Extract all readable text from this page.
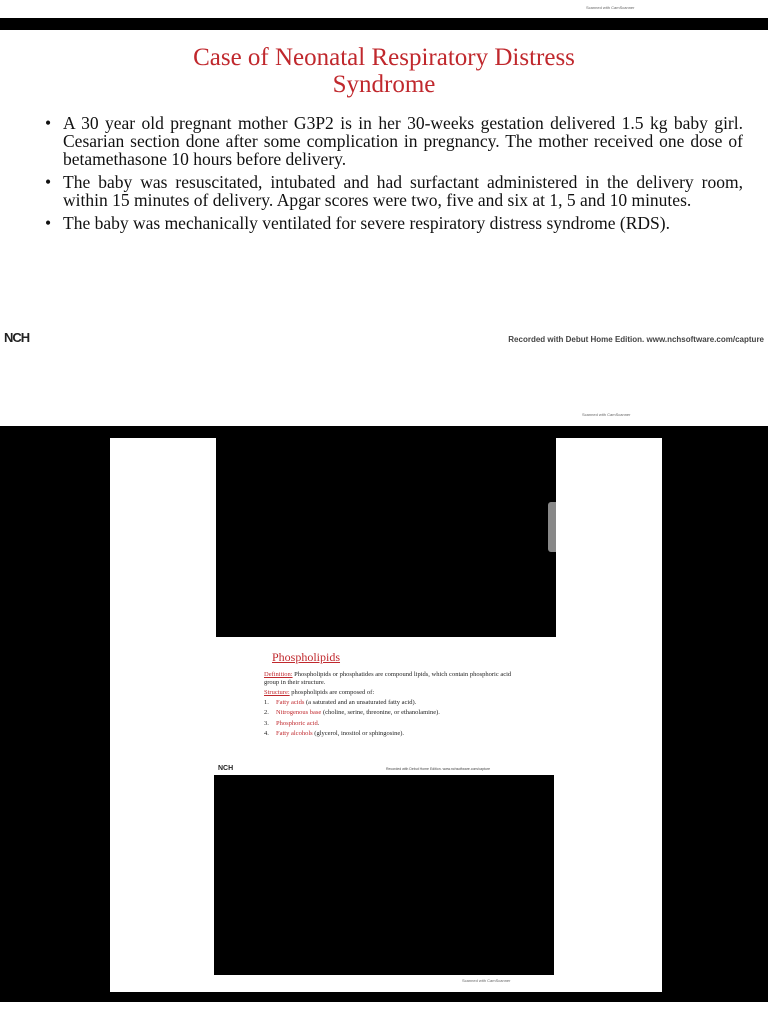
Scanned with CamScanner
Case of Neonatal Respiratory Distress
Syndrome
• A 30 year old pregnant mother G3P2 is in her 30-weeks gestation delivered 1.5 kg baby girl. Cesarian section done after some complication in pregnancy. The mother received one dose of betamethasone 10 hours before delivery.
• The baby was resuscitated, intubated and had surfactant administered in the delivery room, within 15 minutes of delivery. Apgar scores were two, five and six at 1, 5 and 10 minutes.
• The baby was mechanically ventilated for severe respiratory distress syndrome (RDS).
NCH	Recorded with Debut Home Edition. www.nchsoftware.com/capture
Scanned with CamScanner
Phospholipids
Definition: Phospholipids or phosphatides are compound lipids, which contain phosphoric acid group in their structure.
Structure: phospholipids are composed of:
1. Fatty acids (a saturated and an unsaturated fatty acid).
2. Nitrogenous base (choline, serine, threonine, or ethanolamine).
3. Phosphoric acid.
4. Fatty alcohols (glycerol, inositol or sphingosine).
NCH	Recorded with Debut Home Edition. www.nchsoftware.com/capture
Scanned with CamScanner
